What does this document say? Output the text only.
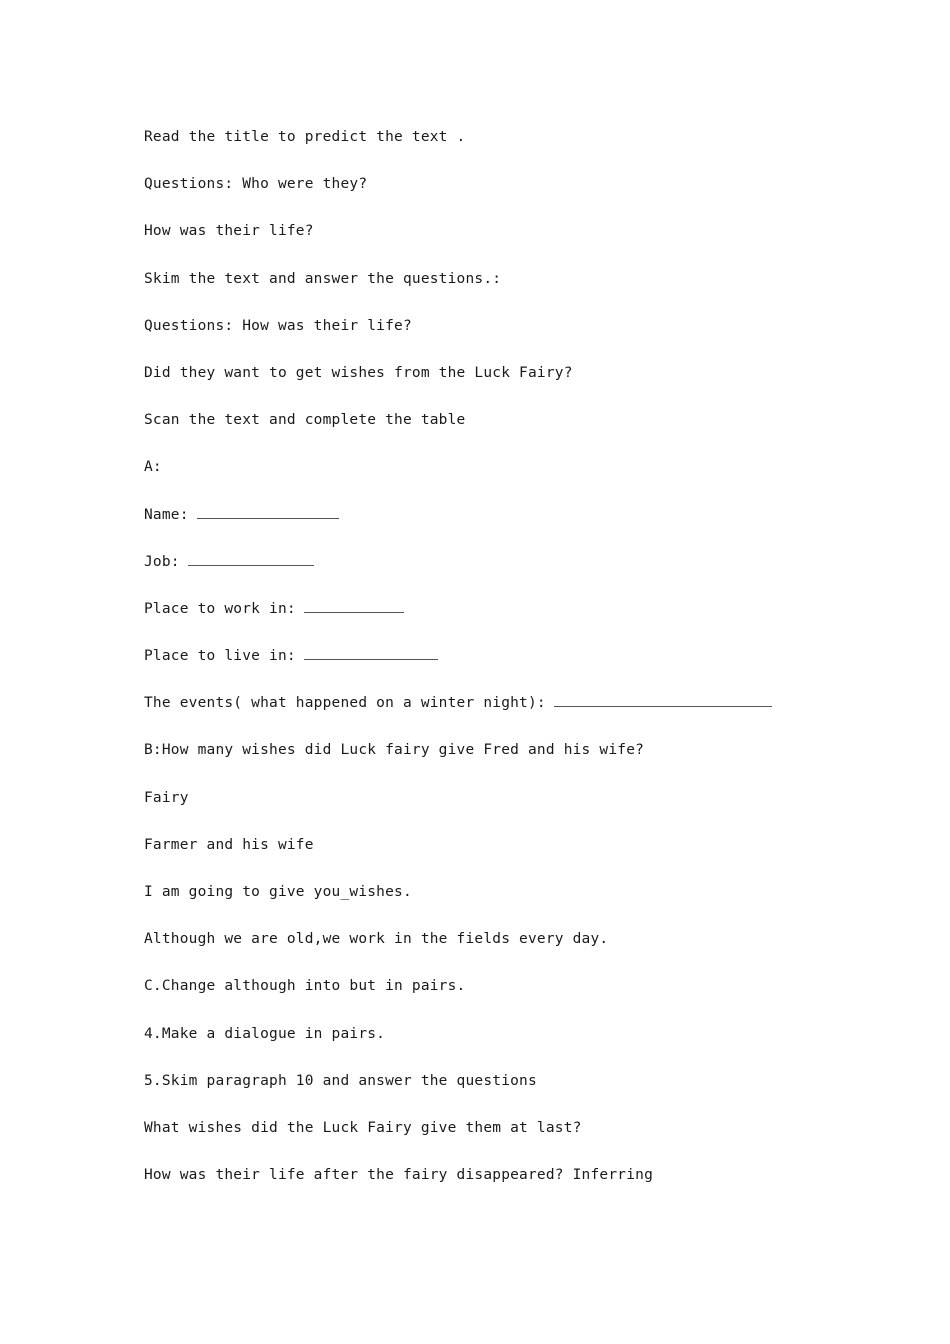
Read the title to predict the text .
Questions: Who were they?
How was their life?
Skim the text and answer the questions.:
Questions: How was their life?
Did they want to get wishes from the Luck Fairy?
Scan the text and complete the table
A:
Name:
Job:
Place to work in:
Place to live in:
The events( what happened on a winter night):
B:How many wishes did Luck fairy give Fred and his wife?
Fairy
Farmer and his wife
I am going to give you_wishes.
Although we are old,we work in the fields every day.
C.Change although into but in pairs.
4.Make a dialogue in pairs.
5.Skim paragraph 10 and answer the questions
What wishes did the Luck Fairy give them at last?
How was their life after the fairy disappeared? Inferring
